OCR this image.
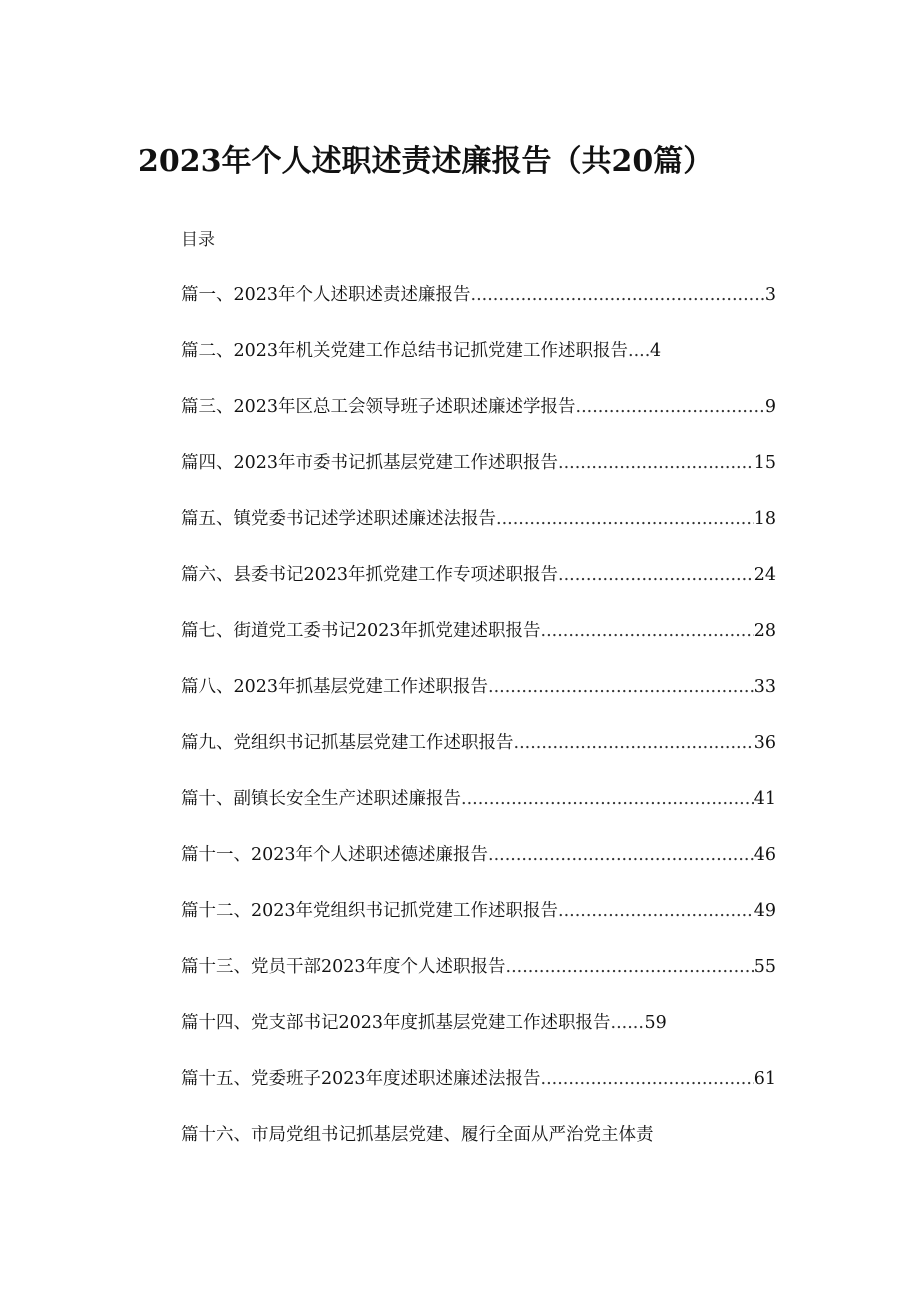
2023年个人述职述责述廉报告（共20篇）
目录
篇一、2023年个人述职述责述廉报告 .....	3
篇二、2023年机关党建工作总结书记抓党建工作述职报告 ..... 4
篇三、2023年区总工会领导班子述职述廉述学报告 .....	9
篇四、2023年市委书记抓基层党建工作述职报告 .....	15
篇五、镇党委书记述学述职述廉述法报告 .....	18
篇六、县委书记2023年抓党建工作专项述职报告 .....	24
篇七、街道党工委书记2023年抓党建述职报告 .....	28
篇八、2023年抓基层党建工作述职报告 .....	33
篇九、党组织书记抓基层党建工作述职报告 .....	36
篇十、副镇长安全生产述职述廉报告 .....	41
篇十一、2023年个人述职述德述廉报告 .....	46
篇十二、2023年党组织书记抓党建工作述职报告 .....	49
篇十三、党员干部2023年度个人述职报告 .....	55
篇十四、党支部书记2023年度抓基层党建工作述职报告 ..... 59
篇十五、党委班子2023年度述职述廉述法报告 .....	61
篇十六、市局党组书记抓基层党建、履行全面从严治党主体责
